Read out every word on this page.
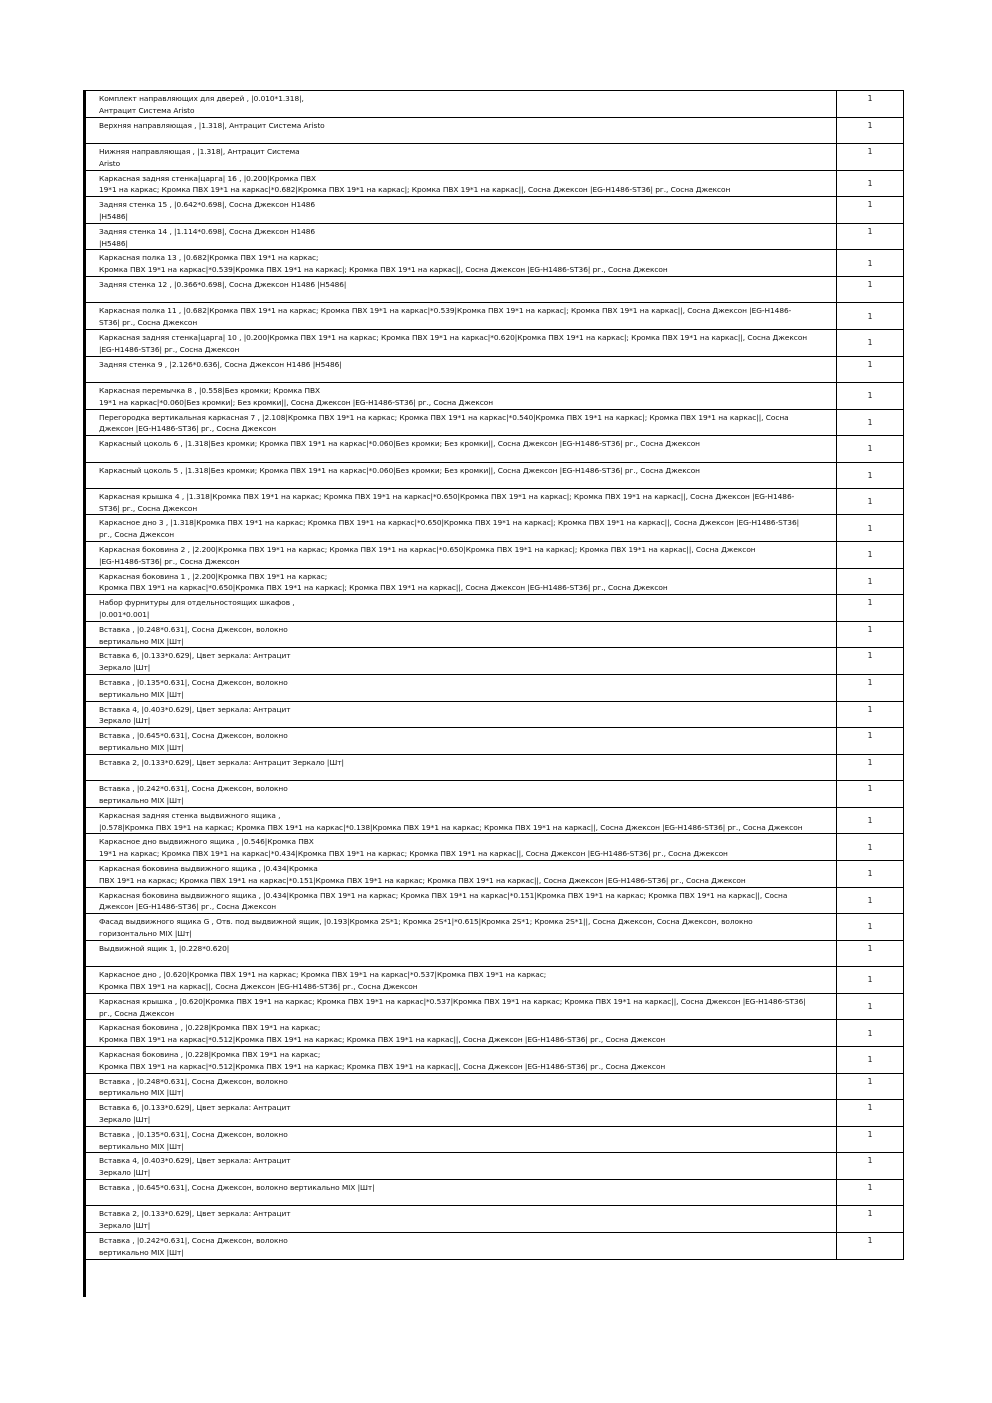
Комплект направляющих для дверей , |0.010*1.318|,
Антрацит Система Aristo	1

Верхняя направляющая , |1.318|, Антрацит Система Aristo	1

Нижняя направляющая , |1.318|, Антрацит Система
Aristo	1

Каркасная задняя стенка|царга| 16 , |0.200|Кромка ПВХ
19*1 на каркас; Кромка ПВХ 19*1 на каркас|*0.682|Кромка ПВХ 19*1 на каркас|; Кромка ПВХ 19*1 на каркас||, Сосна Джексон |EG-H1486-ST36| рг., Сосна Джексон	1

Задняя стенка 15 , |0.642*0.698|, Сосна Джексон H1486
|H5486|	1

Задняя стенка 14 , |1.114*0.698|, Сосна Джексон H1486
|H5486|	1

Каркасная полка 13 , |0.682|Кромка ПВХ 19*1 на каркас;
Кромка ПВХ 19*1 на каркас|*0.539|Кромка ПВХ 19*1 на каркас|; Кромка ПВХ 19*1 на каркас||, Сосна Джексон |EG-H1486-ST36| рг., Сосна Джексон	1

Задняя стенка 12 , |0.366*0.698|, Сосна Джексон H1486 |H5486|	1

Каркасная полка 11 , |0.682|Кромка ПВХ 19*1 на каркас; Кромка ПВХ 19*1 на каркас|*0.539|Кромка ПВХ 19*1 на каркас|; Кромка ПВХ 19*1 на каркас||, Сосна Джексон |EG-H1486-
ST36| рг., Сосна Джексон	1

Каркасная задняя стенка|царга| 10 , |0.200|Кромка ПВХ 19*1 на каркас; Кромка ПВХ 19*1 на каркас|*0.620|Кромка ПВХ 19*1 на каркас|; Кромка ПВХ 19*1 на каркас||, Сосна Джексон
|EG-H1486-ST36| рг., Сосна Джексон	1

Задняя стенка 9 , |2.126*0.636|, Сосна Джексон H1486 |H5486|	1

Каркасная перемычка 8 , |0.558|Без кромки; Кромка ПВХ
19*1 на каркас|*0.060|Без кромки|; Без кромки||, Сосна Джексон |EG-H1486-ST36| рг., Сосна Джексон	1

Перегородка вертикальная каркасная 7 , |2.108|Кромка ПВХ 19*1 на каркас; Кромка ПВХ 19*1 на каркас|*0.540|Кромка ПВХ 19*1 на каркас|; Кромка ПВХ 19*1 на каркас||, Сосна
Джексон |EG-H1486-ST36| рг., Сосна Джексон	1

Каркасный цоколь 6 , |1.318|Без кромки; Кромка ПВХ 19*1 на каркас|*0.060|Без кромки; Без кромки||, Сосна Джексон |EG-H1486-ST36| рг., Сосна Джексон	1

Каркасный цоколь 5 , |1.318|Без кромки; Кромка ПВХ 19*1 на каркас|*0.060|Без кромки; Без кромки||, Сосна Джексон |EG-H1486-ST36| рг., Сосна Джексон	1

Каркасная крышка 4 , |1.318|Кромка ПВХ 19*1 на каркас; Кромка ПВХ 19*1 на каркас|*0.650|Кромка ПВХ 19*1 на каркас|; Кромка ПВХ 19*1 на каркас||, Сосна Джексон |EG-H1486-
ST36| рг., Сосна Джексон	1

Каркасное дно 3 , |1.318|Кромка ПВХ 19*1 на каркас; Кромка ПВХ 19*1 на каркас|*0.650|Кромка ПВХ 19*1 на каркас|; Кромка ПВХ 19*1 на каркас||, Сосна Джексон |EG-H1486-ST36|
рг., Сосна Джексон	1

Каркасная боковина 2 , |2.200|Кромка ПВХ 19*1 на каркас; Кромка ПВХ 19*1 на каркас|*0.650|Кромка ПВХ 19*1 на каркас|; Кромка ПВХ 19*1 на каркас||, Сосна Джексон
|EG-H1486-ST36| рг., Сосна Джексон	1

Каркасная боковина 1 , |2.200|Кромка ПВХ 19*1 на каркас;
Кромка ПВХ 19*1 на каркас|*0.650|Кромка ПВХ 19*1 на каркас|; Кромка ПВХ 19*1 на каркас||, Сосна Джексон |EG-H1486-ST36| рг., Сосна Джексон	1

Набор фурнитуры для отдельностоящих шкафов ,
|0.001*0.001|	1

Вставка , |0.248*0.631|, Сосна Джексон, волокно
вертикально MIX |Шт|	1

Вставка 6, |0.133*0.629|, Цвет зеркала: Антрацит
Зеркало |Шт|	1

Вставка , |0.135*0.631|, Сосна Джексон, волокно
вертикально MIX |Шт|	1

Вставка 4, |0.403*0.629|, Цвет зеркала: Антрацит
Зеркало |Шт|	1

Вставка , |0.645*0.631|, Сосна Джексон, волокно
вертикально MIX |Шт|	1

Вставка 2, |0.133*0.629|, Цвет зеркала: Антрацит Зеркало |Шт|	1

Вставка , |0.242*0.631|, Сосна Джексон, волокно
вертикально MIX |Шт|	1

Каркасная задняя стенка выдвижного ящика ,
|0.578|Кромка ПВХ 19*1 на каркас; Кромка ПВХ 19*1 на каркас|*0.138|Кромка ПВХ 19*1 на каркас; Кромка ПВХ 19*1 на каркас||, Сосна Джексон |EG-H1486-ST36| рг., Сосна Джексон	1

Каркасное дно выдвижного ящика , |0.546|Кромка ПВХ
19*1 на каркас; Кромка ПВХ 19*1 на каркас|*0.434|Кромка ПВХ 19*1 на каркас; Кромка ПВХ 19*1 на каркас||, Сосна Джексон |EG-H1486-ST36| рг., Сосна Джексон	1

Каркасная боковина выдвижного ящика , |0.434|Кромка
ПВХ 19*1 на каркас; Кромка ПВХ 19*1 на каркас|*0.151|Кромка ПВХ 19*1 на каркас; Кромка ПВХ 19*1 на каркас||, Сосна Джексон |EG-H1486-ST36| рг., Сосна Джексон	1

Каркасная боковина выдвижного ящика , |0.434|Кромка ПВХ 19*1 на каркас; Кромка ПВХ 19*1 на каркас|*0.151|Кромка ПВХ 19*1 на каркас; Кромка ПВХ 19*1 на каркас||, Сосна
Джексон |EG-H1486-ST36| рг., Сосна Джексон	1

Фасад выдвижного ящика G , Отв. под выдвижной ящик, |0.193|Кромка 2S*1; Кромка 2S*1|*0.615|Кромка 2S*1; Кромка 2S*1||, Сосна Джексон, Сосна Джексон, волокно
горизонтально MIX |Шт|	1

Выдвижной ящик 1, |0.228*0.620|	1

Каркасное дно , |0.620|Кромка ПВХ 19*1 на каркас; Кромка ПВХ 19*1 на каркас|*0.537|Кромка ПВХ 19*1 на каркас;
Кромка ПВХ 19*1 на каркас||, Сосна Джексон |EG-H1486-ST36| рг., Сосна Джексон	1

Каркасная крышка , |0.620|Кромка ПВХ 19*1 на каркас; Кромка ПВХ 19*1 на каркас|*0.537|Кромка ПВХ 19*1 на каркас; Кромка ПВХ 19*1 на каркас||, Сосна Джексон |EG-H1486-ST36|
рг., Сосна Джексон	1

Каркасная боковина , |0.228|Кромка ПВХ 19*1 на каркас;
Кромка ПВХ 19*1 на каркас|*0.512|Кромка ПВХ 19*1 на каркас; Кромка ПВХ 19*1 на каркас||, Сосна Джексон |EG-H1486-ST36| рг., Сосна Джексон	1

Каркасная боковина , |0.228|Кромка ПВХ 19*1 на каркас;
Кромка ПВХ 19*1 на каркас|*0.512|Кромка ПВХ 19*1 на каркас; Кромка ПВХ 19*1 на каркас||, Сосна Джексон |EG-H1486-ST36| рг., Сосна Джексон	1

Вставка , |0.248*0.631|, Сосна Джексон, волокно
вертикально MIX |Шт|	1

Вставка 6, |0.133*0.629|, Цвет зеркала: Антрацит
Зеркало |Шт|	1

Вставка , |0.135*0.631|, Сосна Джексон, волокно
вертикально MIX |Шт|	1

Вставка 4, |0.403*0.629|, Цвет зеркала: Антрацит
Зеркало |Шт|	1

Вставка , |0.645*0.631|, Сосна Джексон, волокно вертикально MIX |Шт|	1

Вставка 2, |0.133*0.629|, Цвет зеркала: Антрацит
Зеркало |Шт|	1

Вставка , |0.242*0.631|, Сосна Джексон, волокно
вертикально MIX |Шт|	1
